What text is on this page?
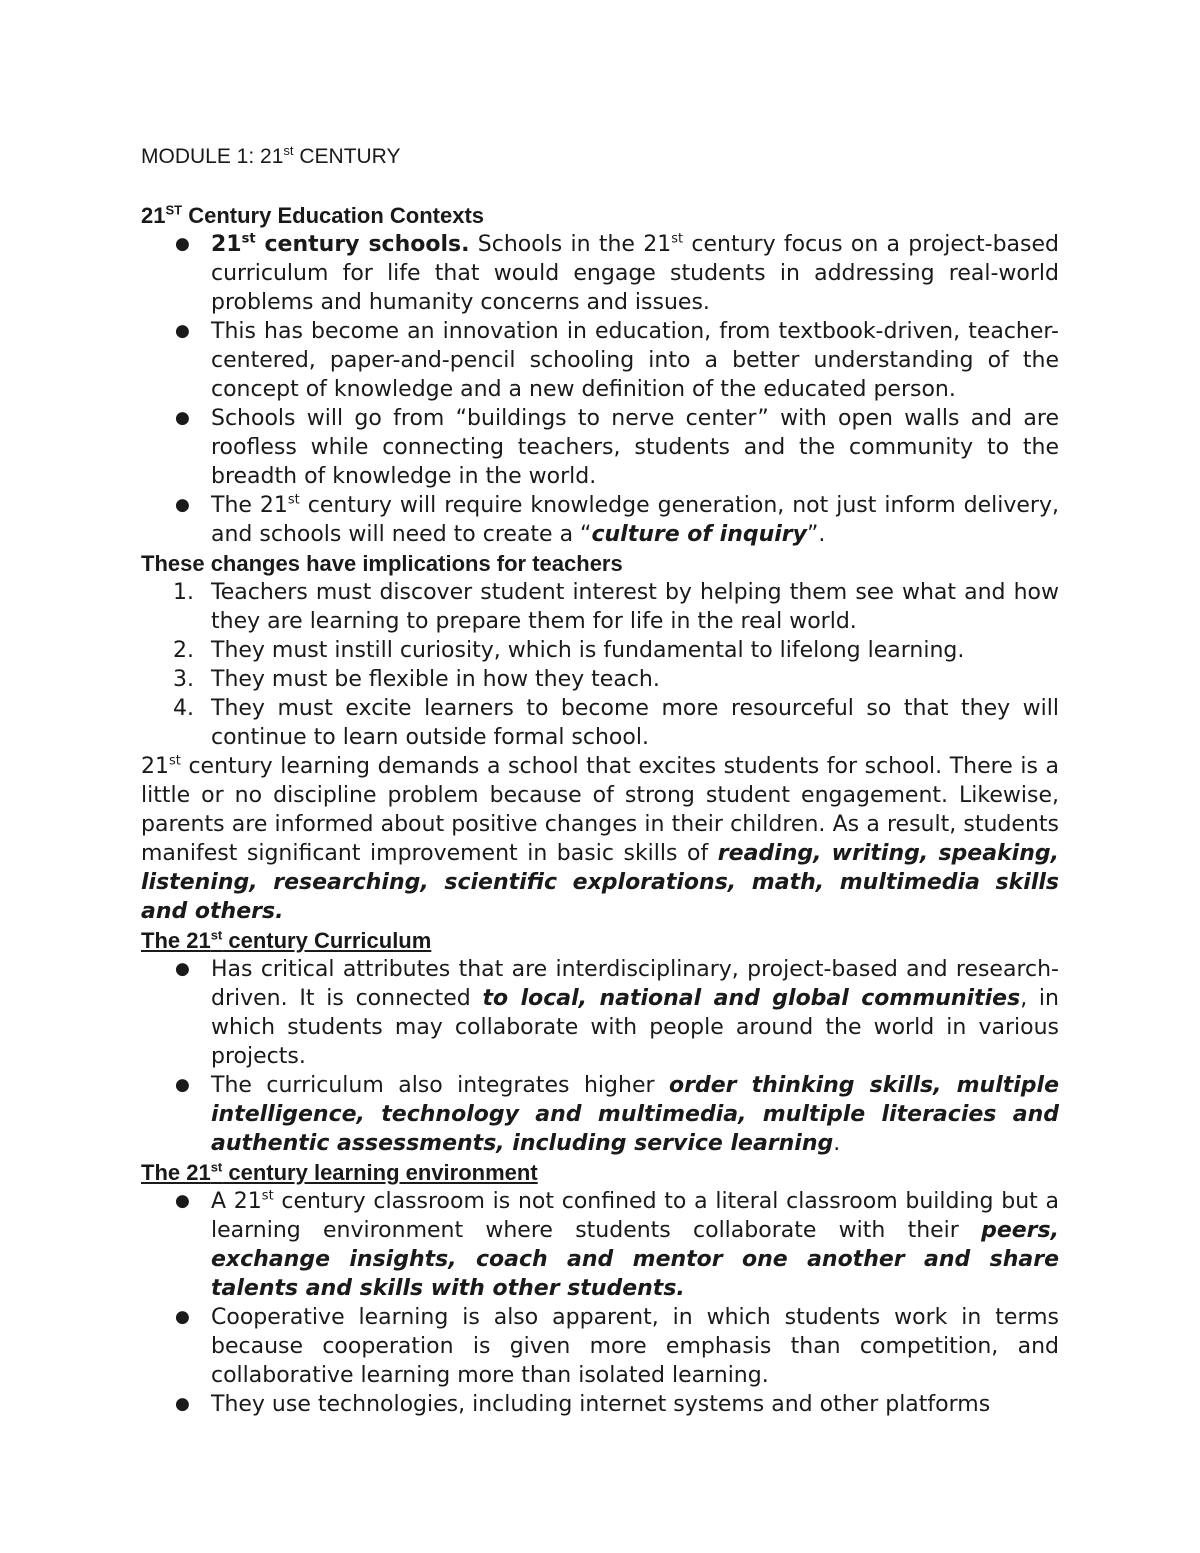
MODULE 1: 21st CENTURY

21ST Century Education Contexts

● 21st century schools. Schools in the 21st century focus on a project-based curriculum for life that would engage students in addressing real-world problems and humanity concerns and issues.
● This has become an innovation in education, from textbook-driven, teacher-centered, paper-and-pencil schooling into a better understanding of the concept of knowledge and a new definition of the educated person.
● Schools will go from “buildings to nerve center” with open walls and are roofless while connecting teachers, students and the community to the breadth of knowledge in the world.
● The 21st century will require knowledge generation, not just inform delivery, and schools will need to create a “culture of inquiry”.

These changes have implications for teachers

1. Teachers must discover student interest by helping them see what and how they are learning to prepare them for life in the real world.
2. They must instill curiosity, which is fundamental to lifelong learning.
3. They must be flexible in how they teach.
4. They must excite learners to become more resourceful so that they will continue to learn outside formal school.

21st century learning demands a school that excites students for school. There is a little or no discipline problem because of strong student engagement. Likewise, parents are informed about positive changes in their children. As a result, students manifest significant improvement in basic skills of reading, writing, speaking, listening, researching, scientific explorations, math, multimedia skills and others.

The 21st century Curriculum

● Has critical attributes that are interdisciplinary, project-based and research-driven. It is connected to local, national and global communities, in which students may collaborate with people around the world in various projects.
● The curriculum also integrates higher order thinking skills, multiple intelligence, technology and multimedia, multiple literacies and authentic assessments, including service learning.

The 21st century learning environment

● A 21st century classroom is not confined to a literal classroom building but a learning environment where students collaborate with their peers, exchange insights, coach and mentor one another and share talents and skills with other students.
● Cooperative learning is also apparent, in which students work in terms because cooperation is given more emphasis than competition, and collaborative learning more than isolated learning.
● They use technologies, including internet systems and other platforms
